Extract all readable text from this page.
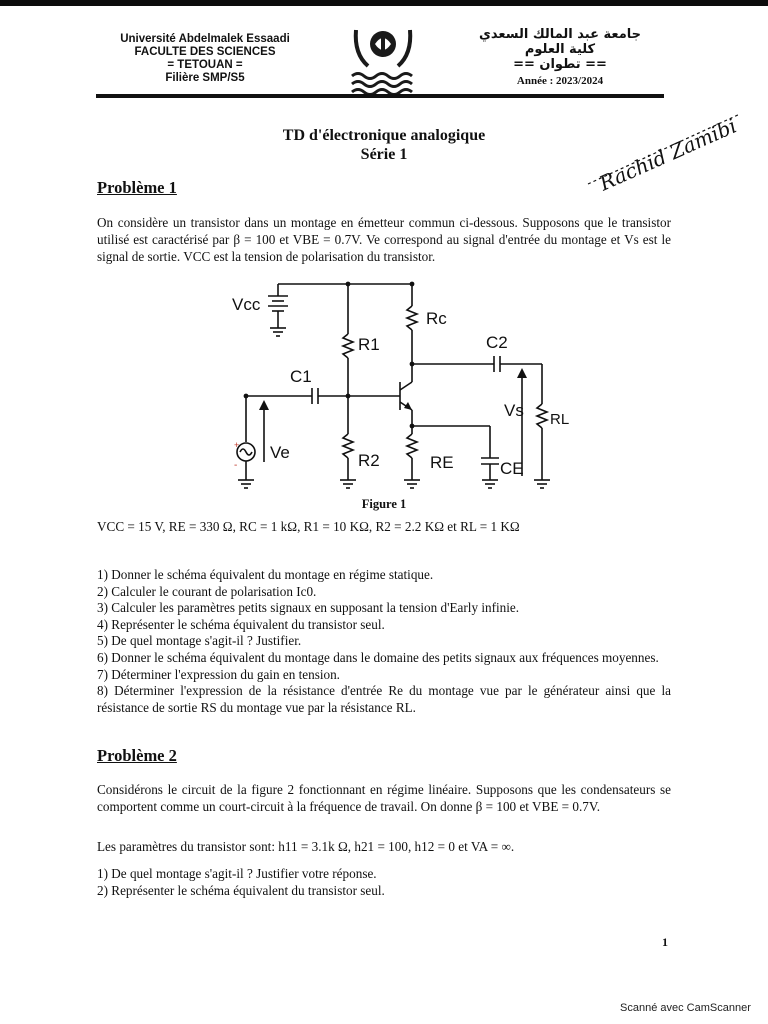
Université Abdelmalek Essaadi
FACULTE DES SCIENCES
= TETOUAN =
Filière SMP/S5
جامعة عبد المالك السعدي
كلية العلوم
== تطوان ==
Année : 2023/2024
TD d'électronique analogique
Série 1	Rachid Zamibi
Problème 1
On considère un transistor dans un montage en émetteur commun ci-dessous. Supposons que le transistor utilisé est caractérisé par β = 100 et VBE = 0.7V. Ve correspond au signal d'entrée du montage et Vs est le signal de sortie. VCC est la tension de polarisation du transistor.
+
-
Vcc
R1
R2
Rc
RE
C1
C2
CE
Ve
Vs RL
Figure 1
VCC = 15 V, RE = 330 Ω, RC = 1 kΩ, R1 = 10 KΩ, R2 = 2.2 KΩ et RL = 1 KΩ
1) Donner le schéma équivalent du montage en régime statique.
2) Calculer le courant de polarisation Ic0.
3) Calculer les paramètres petits signaux en supposant la tension d'Early infinie.
4) Représenter le schéma équivalent du transistor seul.
5) De quel montage s'agit-il ? Justifier.
6) Donner le schéma équivalent du montage dans le domaine des petits signaux aux fréquences moyennes.
7) Déterminer l'expression du gain en tension.
8) Déterminer l'expression de la résistance d'entrée Re du montage vue par le générateur ainsi que la résistance de sortie RS du montage vue par la résistance RL.
Problème 2
Considérons le circuit de la figure 2 fonctionnant en régime linéaire. Supposons que les condensateurs se comportent comme un court-circuit à la fréquence de travail. On donne β = 100 et VBE = 0.7V.
Les paramètres du transistor sont: h11 = 3.1k Ω, h21 = 100, h12 = 0 et VA = ∞.
1) De quel montage s'agit-il ? Justifier votre réponse.
2) Représenter le schéma équivalent du transistor seul.
1
Scanné avec CamScanner
